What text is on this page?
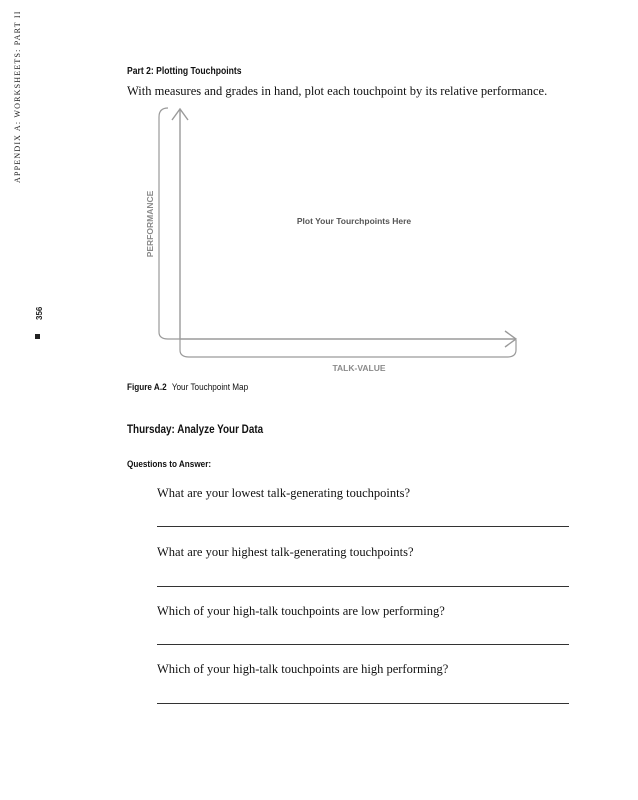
356
APPENDIX A: WORKSHEETS: PART II	Part 2: Plotting Touchpoints
With measures and grades in hand, plot each touchpoint by its relative performance.
PERFORMANCE	Plot Your Tourchpoints Here
TALK-VALUE
Figure A.2 Your Touchpoint Map
Thursday: Analyze Your Data
Questions to Answer:
What are your lowest talk-generating touchpoints?
What are your highest talk-generating touchpoints?
Which of your high-talk touchpoints are low performing?
Which of your high-talk touchpoints are high performing?
